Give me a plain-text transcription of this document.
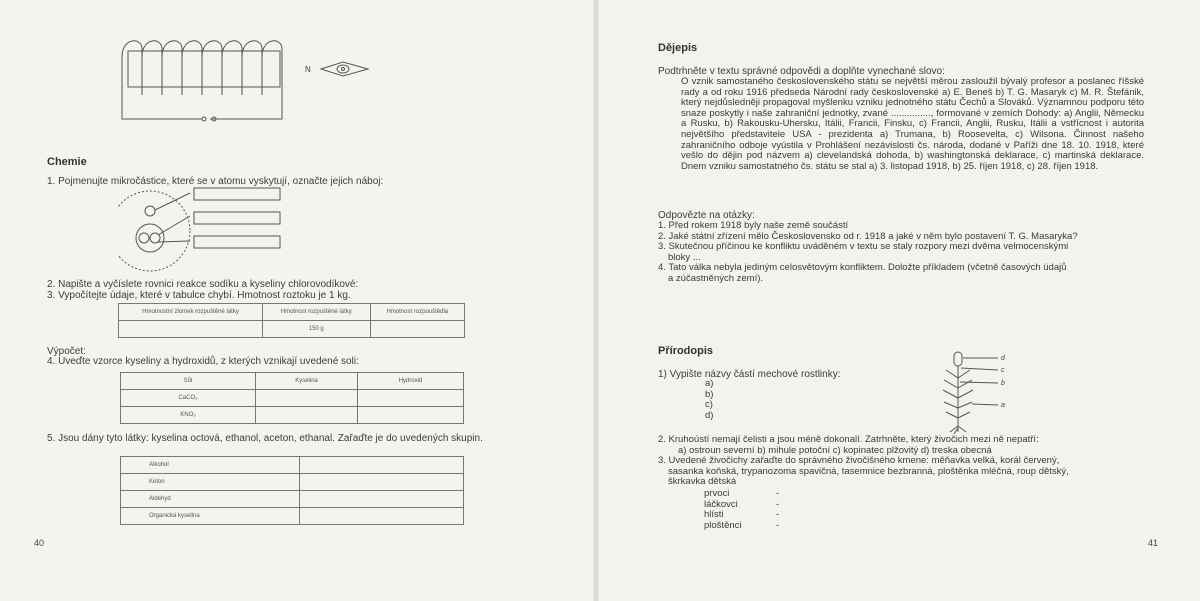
N
Chemie
1. Pojmenujte mikročástice, které se v atomu vyskytují, označte jejich náboj:
2. Napište a vyčíslete rovnici reakce sodíku a kyseliny chlorovodíkové:
3. Vypočítejte údaje, které v tabulce chybí. Hmotnost roztoku je 1 kg.
Hmotnostní zlomek rozpuštěné látky	Hmotnost rozpuštěné látky	Hmotnost rozpouštědla
	150 g	
Výpočet:
4. Uveďte vzorce kyseliny a hydroxidů, z kterých vznikají uvedené soli:
Sůl	Kyselina	Hydroxid
CaCO₃		
KNO₃		
5. Jsou dány tyto látky: kyselina octová, ethanol, aceton, ethanal. Zařaďte je do uvedených skupin.
Alkohol	
Keton	
Aldehyd	
Organická kyselina	
40
Dějepis
Podtrhněte v textu správné odpovědi a doplňte vynechané slovo:
O vznik samostaného československého státu se největší měrou zasloužil bývalý profesor a poslanec říšské rady a od roku 1916 předseda Národní rady československé a) E. Beneš b) T. G. Masaryk c) M. R. Štefánik, který nejdůsledněji propagoval myšlenku vzniku jednotného státu Čechů a Slováků. Významnou podporu této snaze poskytly i naše zahraniční jednotky, zvané ..............., formované v zemích Dohody: a) Anglii, Německu a Rusku, b) Rakousku-Uhersku, Itálii, Francii, Finsku, c) Francii, Anglii, Rusku, Itálii a vstřícnost i autorita největšího představitele USA - prezidenta a) Trumana, b) Roosevelta, c) Wilsona. Činnost našeho zahraničního odboje vyústila v Prohlášení nezávislosti čs. národa, dodané v Paříži dne 18. 10. 1918, které vešlo do dějin pod názvem a) clevelandská dohoda, b) washingtonská deklarace, c) martinská deklarace. Dnem vzniku samostatného čs. státu se stal a) 3. listopad 1918, b) 25. říjen 1918, c) 28. říjen 1918.
Odpovězte na otázky:
1. Před rokem 1918 byly naše země součástí
2. Jaké státní zřízení mělo Československo od r. 1918 a jaké v něm bylo postavení T. G. Masaryka?
3. Skutečnou příčinou ke konfliktu uváděném v textu se staly rozpory mezi dvěma velmocenskými
bloky ...
4. Tato válka nebyla jediným celosvětovým konfliktem. Doložte příkladem (včetně časových údajů
a zúčastněných zemí).
Přírodopis
1) Vypište názvy částí mechové rostlinky:
a)
b)
c)
d)
d
c
b
a
2. Kruhoústí nemají čelisti a jsou méně dokonalí. Zatrhněte, který živočich mezi ně nepatří:
a) ostroun severní b) mihule potoční c) kopinatec plžovitý d) treska obecná
3. Uvedené živočichy zařaďte do správného živočišného kmene: měňavka velká, korál červený,
sasanka koňská, trypanozoma spavičná, tasemnice bezbranná, ploštěnka mléčná, roup dětský,
škrkavka dětská
prvoci	-
láčkovci	-
hlísti	-
ploštěnci	-
41
